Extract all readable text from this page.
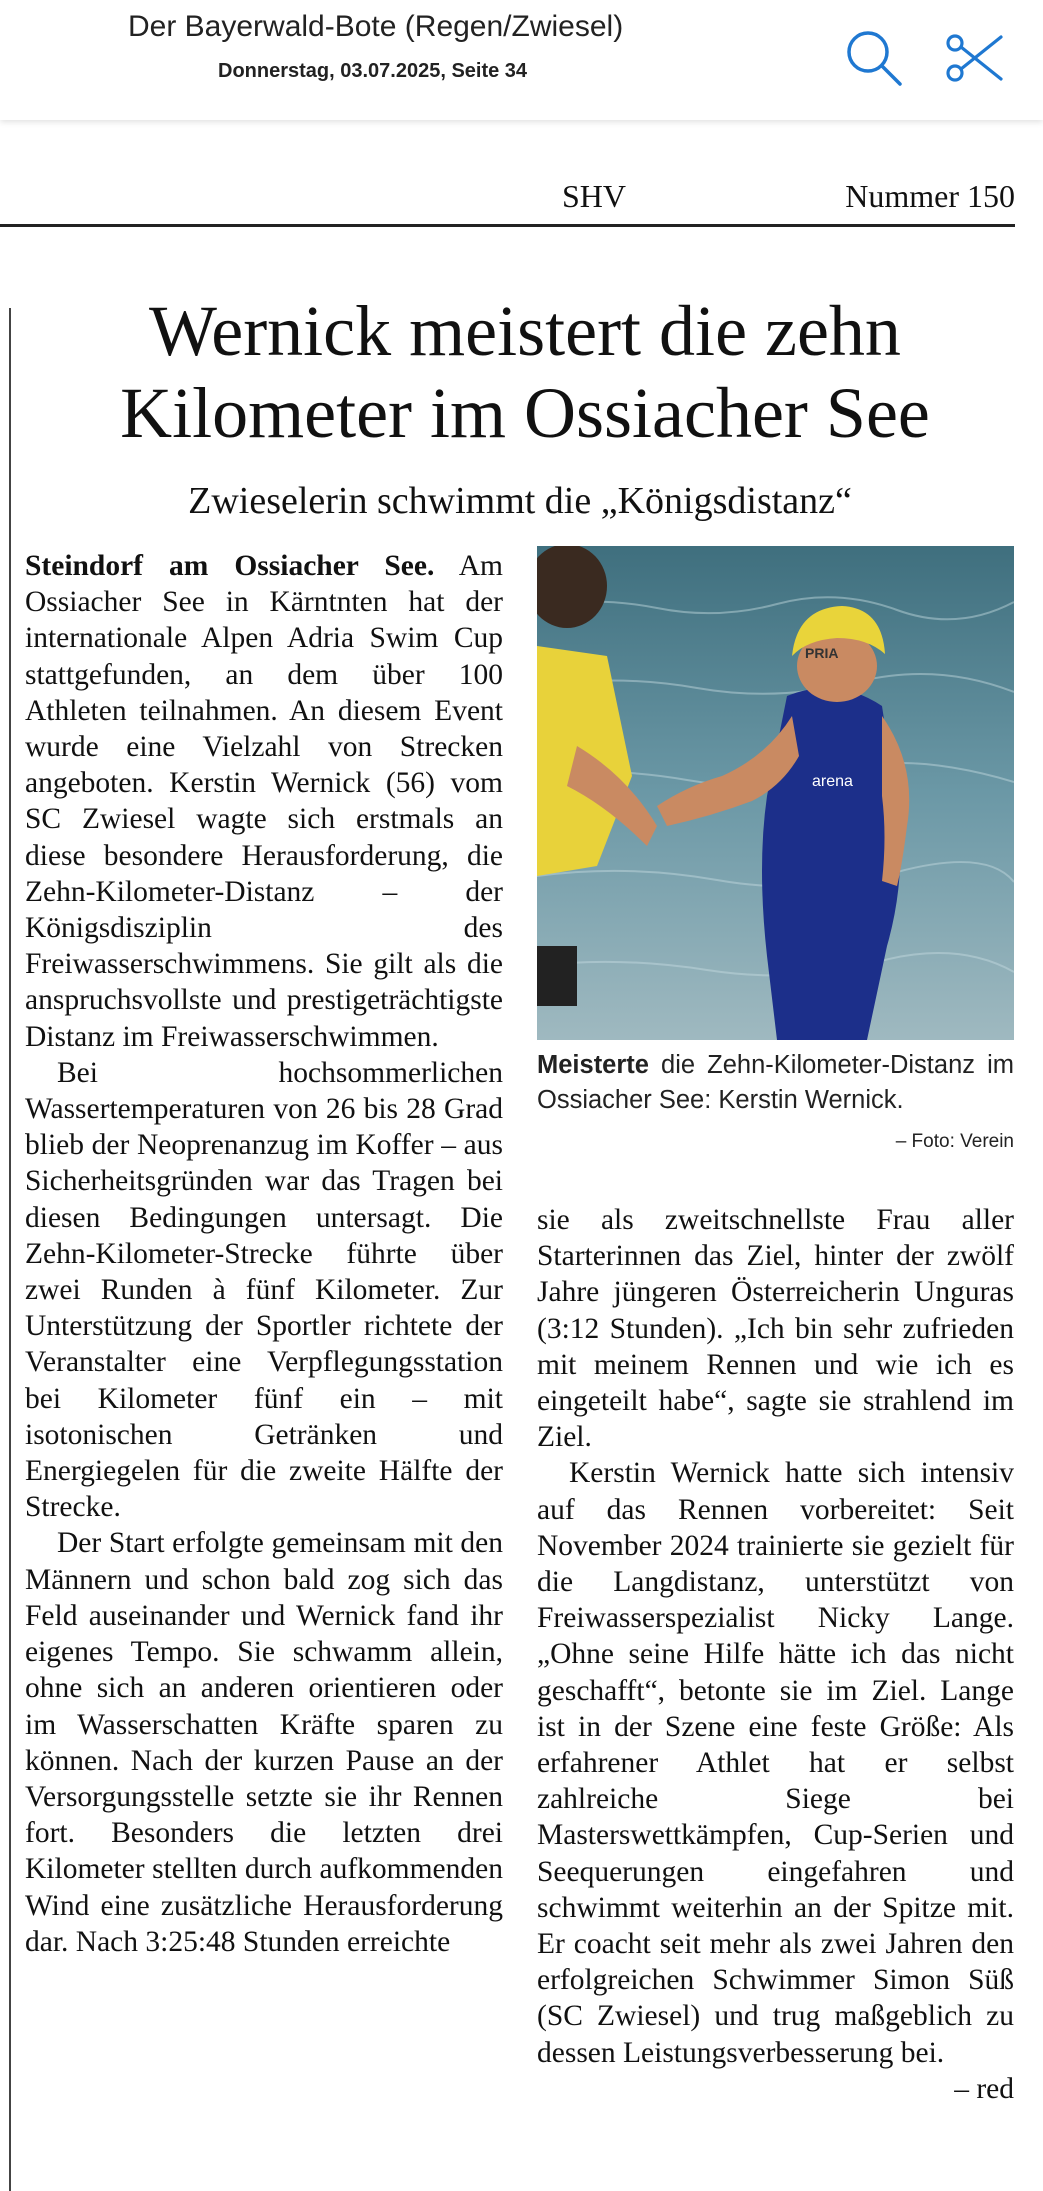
Der Bayerwald-Bote (Regen/Zwiesel)
Donnerstag, 03.07.2025, Seite 34
SHV	Nummer 150
Wernick meistert die zehn
Kilometer im Ossiacher See
Zwieselerin schwimmt die „Königsdistanz“

Steindorf am Ossiacher See. Am Ossiacher See in Kärntnten hat der internationale Alpen Adria Swim Cup stattgefunden, an dem über 100 Athleten teilnahmen. An diesem Event wurde eine Vielzahl von Strecken angeboten. Kerstin Wernick (56) vom SC Zwiesel wagte sich erstmals an diese besondere Herausforderung, die Zehn-Kilometer-Distanz – der Königsdisziplin des Freiwasserschwimmens. Sie gilt als die anspruchsvollste und prestigeträchtigste Distanz im Freiwasserschwimmen.

Bei hochsommerlichen Wassertemperaturen von 26 bis 28 Grad blieb der Neoprenanzug im Koffer – aus Sicherheitsgründen war das Tragen bei diesen Bedingungen untersagt. Die Zehn-Kilometer-Strecke führte über zwei Runden à fünf Kilometer. Zur Unterstützung der Sportler richtete der Veranstalter eine Verpflegungsstation bei Kilometer fünf ein – mit isotonischen Getränken und Energiegelen für die zweite Hälfte der Strecke.

Der Start erfolgte gemeinsam mit den Männern und schon bald zog sich das Feld auseinander und Wernick fand ihr eigenes Tempo. Sie schwamm allein, ohne sich an anderen orientieren oder im Wasserschatten Kräfte sparen zu können. Nach der kurzen Pause an der Versorgungsstelle setzte sie ihr Rennen fort. Besonders die letzten drei Kilometer stellten durch aufkommenden Wind eine zusätzliche Herausforderung dar. Nach 3:25:48 Stunden erreichte

PRIA
arena
Meisterte die Zehn-Kilometer-Distanz im Ossiacher See: Kerstin Wernick.
– Foto: Verein

sie als zweitschnellste Frau aller Starterinnen das Ziel, hinter der zwölf Jahre jüngeren Österreicherin Unguras (3:12 Stunden). „Ich bin sehr zufrieden mit meinem Rennen und wie ich es eingeteilt habe“, sagte sie strahlend im Ziel.

Kerstin Wernick hatte sich intensiv auf das Rennen vorbereitet: Seit November 2024 trainierte sie gezielt für die Langdistanz, unterstützt von Freiwasserspezialist Nicky Lange. „Ohne seine Hilfe hätte ich das nicht geschafft“, betonte sie im Ziel. Lange ist in der Szene eine feste Größe: Als erfahrener Athlet hat er selbst zahlreiche Siege bei Masterswettkämpfen, Cup-Serien und Seequerungen eingefahren und schwimmt weiterhin an der Spitze mit. Er coacht seit mehr als zwei Jahren den erfolgreichen Schwimmer Simon Süß (SC Zwiesel) und trug maßgeblich zu dessen Leistungsverbesserung bei.
– red
